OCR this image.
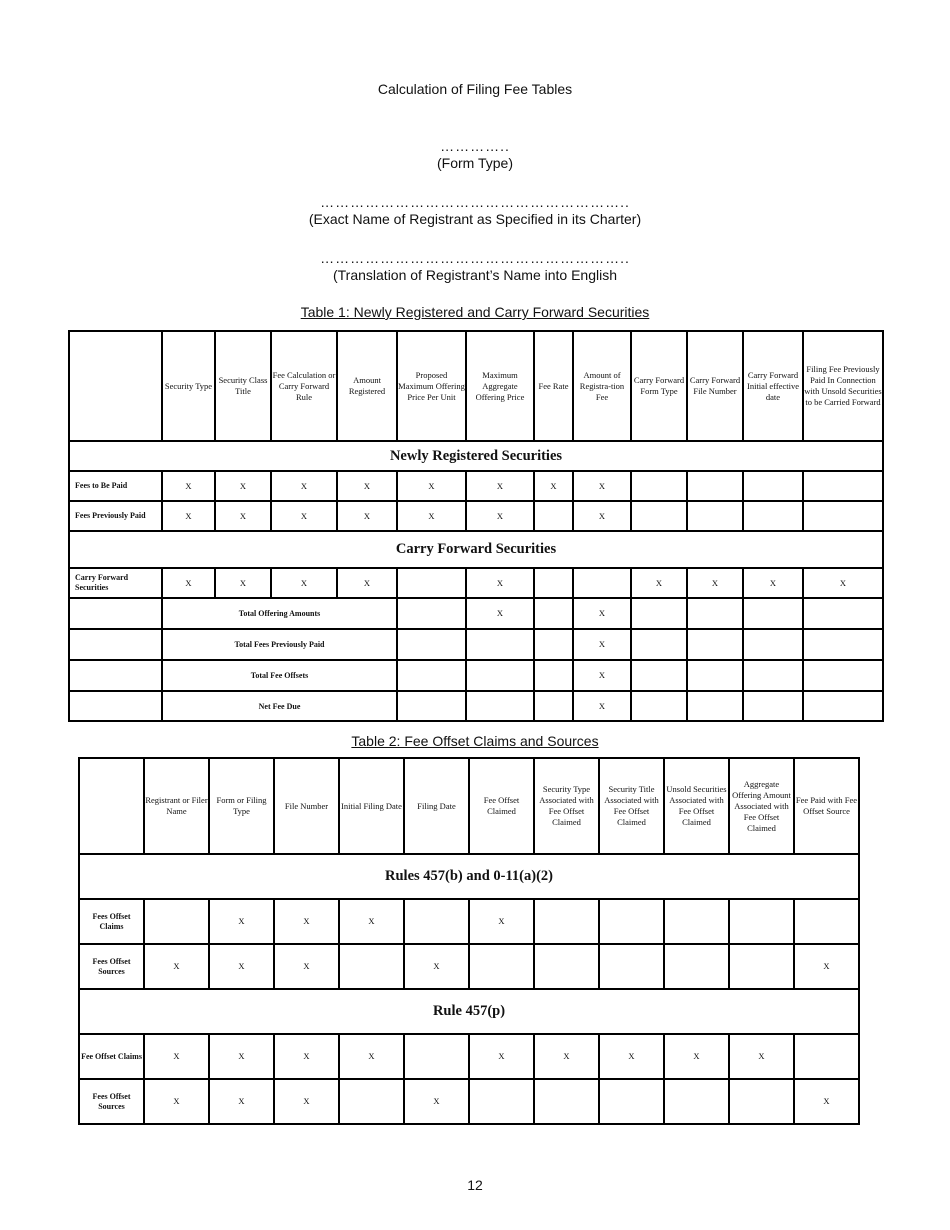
Calculation of Filing Fee Tables
…………..
(Form Type)
……………………………………………………..
(Exact Name of Registrant as Specified in its Charter)
……………………………………………………..
(Translation of Registrant’s Name into English
Table 1: Newly Registered and Carry Forward Securities
	Security Type	Security Class Title	Fee Calculation or Carry Forward Rule	Amount Registered	Proposed Maximum Offering Price Per Unit	Maximum Aggregate Offering Price	Fee Rate	Amount of Registra-tion Fee	Carry Forward Form Type	Carry Forward File Number	Carry Forward Initial effective date	Filing Fee Previously Paid In Connection with Unsold Securities to be Carried Forward
Newly Registered Securities												
Fees to Be Paid	X	X	X	X	X	X	X	X				
Fees Previously Paid	X	X	X	X	X	X		X				
Carry Forward Securities												
Carry Forward Securities	X	X	X	X		X			X	X	X	X
	Total Offering Amounts					X		X				
	Total Fees Previously Paid							X				
	Total Fee Offsets							X				
	Net Fee Due							X				
Table 2: Fee Offset Claims and Sources
	Registrant or Filer Name	Form or Filing Type	File Number	Initial Filing Date	Filing Date	Fee Offset Claimed	Security Type Associated with Fee Offset Claimed	Security Title Associated with Fee Offset Claimed	Unsold Securities Associated with Fee Offset Claimed	Aggregate Offering Amount Associated with Fee Offset Claimed	Fee Paid with Fee Offset Source
Rules 457(b) and 0-11(a)(2)											
Fees Offset Claims		X	X	X		X					
Fees Offset Sources	X	X	X		X						X
Rule 457(p)											
Fee Offset Claims	X	X	X	X		X	X	X	X	X	
Fees Offset Sources	X	X	X		X						X
12
